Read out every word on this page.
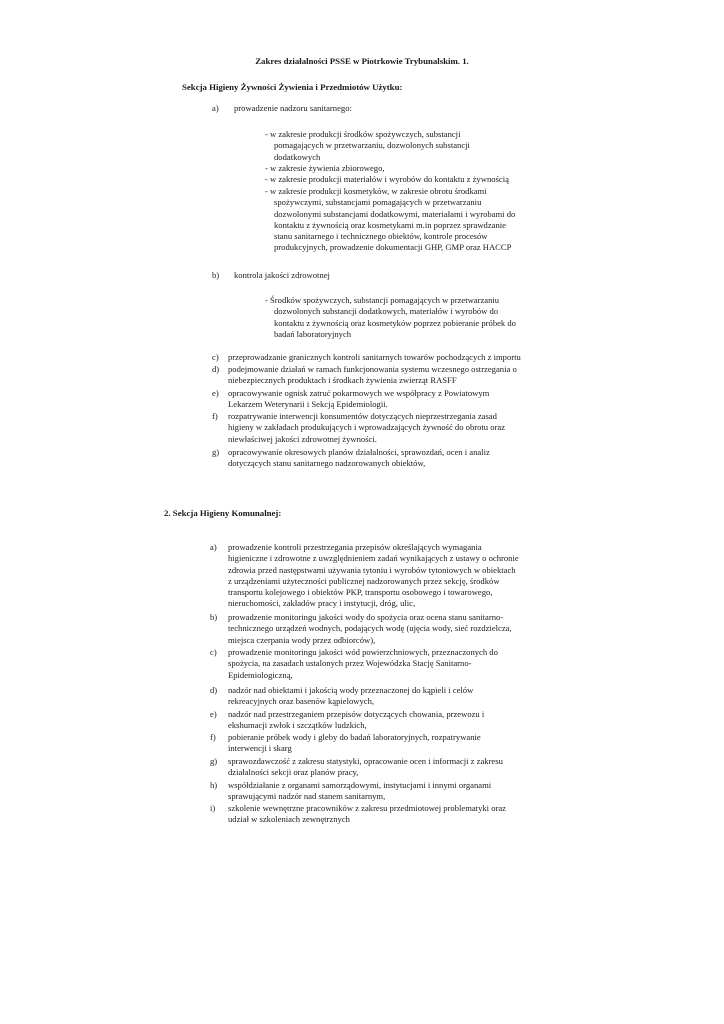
Zakres działalności PSSE w Piotrkowie Trybunalskim. 1.
Sekcja Higieny Żywności Żywienia i Przedmiotów Użytku:
a) prowadzenie nadzoru sanitarnego:
- w zakresie produkcji środków spożywczych, substancji
pomagających w przetwarzaniu, dozwolonych substancji
dodatkowych
- w zakresie żywienia zbiorowego,
- w zakresie produkcji materiałów i wyrobów do kontaktu z żywnością
- w zakresie produkcji kosmetyków, w zakresie obrotu środkami
spożywczymi, substancjami pomagających w przetwarzaniu
dozwolonymi substancjami dodatkowymi, materiałami i wyrobami do
kontaktu z żywnością oraz kosmetykami m.in poprzez sprawdzanie
stanu sanitarnego i technicznego obiektów, kontrole procesów
produkcyjnych, prowadzenie dokumentacji GHP, GMP oraz HACCP
b) kontrola jakości zdrowotnej
- Środków spożywczych, substancji pomagających w przetwarzaniu
dozwolonych substancji dodatkowych, materiałów i wyrobów do
kontaktu z żywnością oraz kosmetyków poprzez pobieranie próbek do
badań laboratoryjnych
c) przeprowadzanie granicznych kontroli sanitarnych towarów pochodzących z importu
d) podejmowanie działań w ramach funkcjonowania systemu wczesnego ostrzegania o
niebezpiecznych produktach i środkach żywienia zwierząt RASFF
e) opracowywanie ognisk zatruć pokarmowych we współpracy z Powiatowym
Lekarzem Weterynarii i Sekcją Epidemiologii.
f) rozpatrywanie interwencji konsumentów dotyczących nieprzestrzegania zasad
higieny w zakładach produkujących i wprowadzających żywność do obrotu oraz
niewłaściwej jakości zdrowotnej żywności.
g) opracowywanie okresowych planów działalności, sprawozdań, ocen i analiz
dotyczących stanu sanitarnego nadzorowanych obiektów,
2. Sekcja Higieny Komunalnej:
a) prowadzenie kontroli przestrzegania przepisów określających wymagania
higieniczne i zdrowotne z uwzględnieniem zadań wynikających z ustawy o ochronie
zdrowia przed następstwami używania tytoniu i wyrobów tytoniowych w obiektach
z urządzeniami użyteczności publicznej nadzorowanych przez sekcję, środków
transportu kolejowego i obiektów PKP, transportu osobowego i towarowego,
nieruchomości, zakładów pracy i instytucji, dróg, ulic,
b) prowadzenie monitoringu jakości wody do spożycia oraz ocena stanu sanitarno-
technicznego urządzeń wodnych, podających wodę (ujęcia wody, sieć rozdzielcza,
miejsca czerpania wody przez odbiorców),
c) prowadzenie monitoringu jakości wód powierzchniowych, przeznaczonych do
spożycia, na zasadach ustalonych przez Wojewódzka Stację Sanitarno-
Epidemiologiczną,
d) nadzór nad obiektami i jakością wody przeznaczonej do kąpieli i celów
rekreacyjnych oraz basenów kąpielowych,
e) nadzór nad przestrzeganiem przepisów dotyczących chowania, przewozu i
ekshumacji zwłok i szczątków ludzkich,
f) pobieranie próbek wody i gleby do badań laboratoryjnych, rozpatrywanie
interwencji i skarg
g) sprawozdawczość z zakresu statystyki, opracowanie ocen i informacji z zakresu
działalności sekcji oraz planów pracy,
h) współdziałanie z organami samorządowymi, instytucjami i innymi organami
sprawującymi nadzór nad stanem sanitarnym,
i) szkolenie wewnętrzne pracowników z zakresu przedmiotowej problematyki oraz
udział w szkoleniach zewnętrznych
